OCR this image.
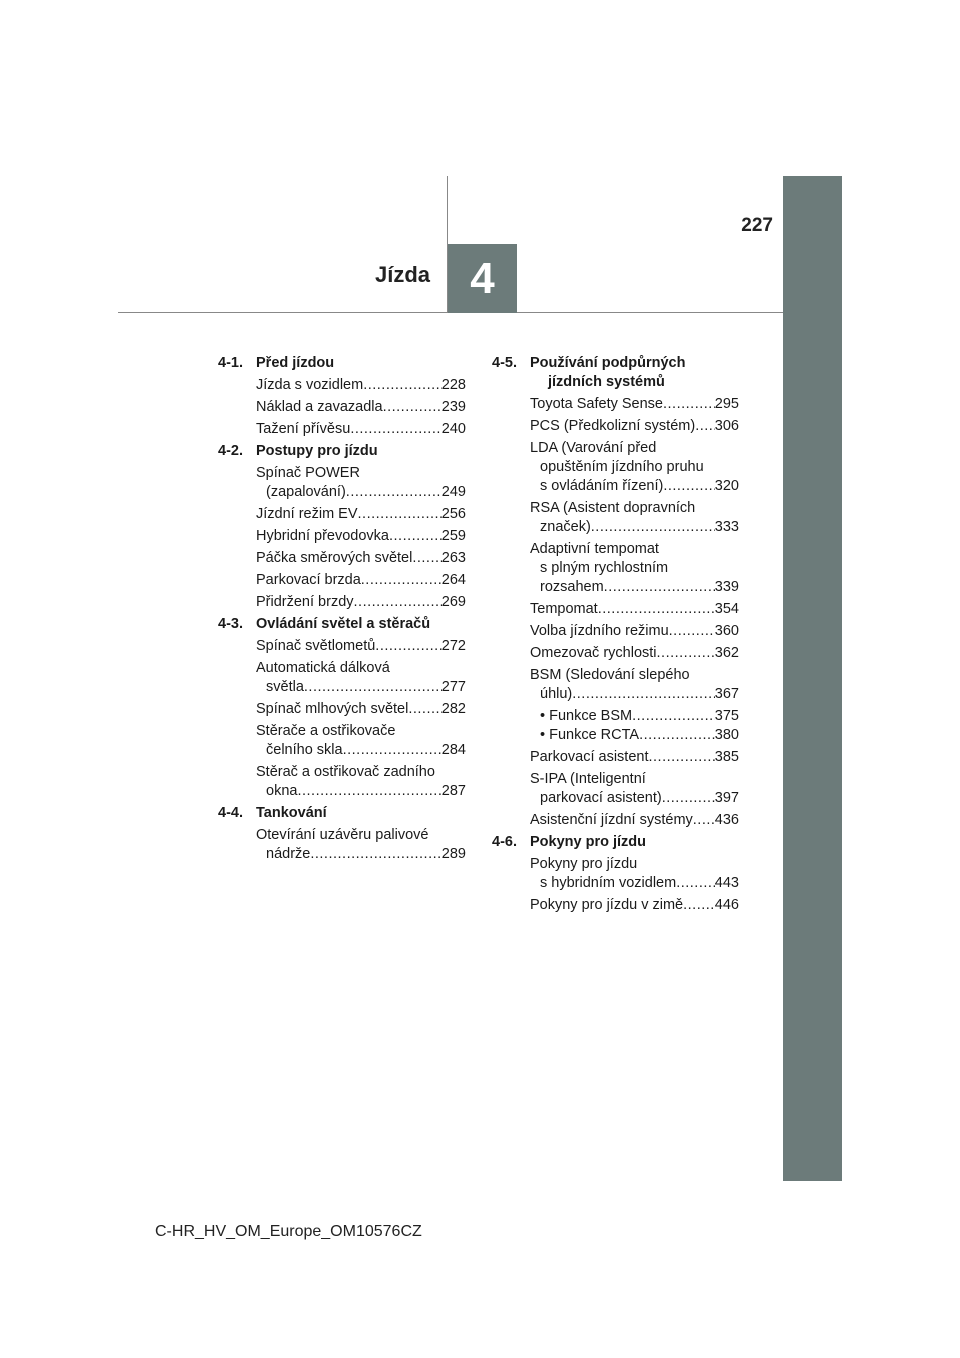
227
Jízda 4
4-1. Před jízdou
Jízda s vozidlem .....	228
Náklad a zavazadla .....	239
Tažení přívěsu .....	240
4-2. Postupy pro jízdu
Spínač POWER
(zapalování) .....	249
Jízdní režim EV .....	256
Hybridní převodovka .....	259
Páčka směrových světel ..... 263
Parkovací brzda .....	264
Přidržení brzdy .....	269
4-3. Ovládání světel a stěračů
Spínač světlometů .....	272
Automatická dálková
světla .....	277
Spínač mlhových světel ..... 282
Stěrače a ostřikovače
čelního skla .....	284
Stěrač a ostřikovač zadního
okna .....	287
4-4. Tankování
Otevírání uzávěru palivové
nádrže .....	289
4-5. Používání podpůrných
jízdních systémů
Toyota Safety Sense .....	295
PCS (Předkolizní systém) ..... 306
LDA (Varování před
opuštěním jízdního pruhu
s ovládáním řízení) .....	320
RSA (Asistent dopravních
značek) .....	333
Adaptivní tempomat
s plným rychlostním
rozsahem .....	339
Tempomat .....	354
Volba jízdního režimu .....	360
Omezovač rychlosti .....	362
BSM (Sledování slepého
úhlu) .....	367
• Funkce BSM .....	375
• Funkce RCTA .....	380
Parkovací asistent .....	385
S-IPA (Inteligentní
parkovací asistent) .....	397
Asistenční jízdní systémy ..... 436
4-6. Pokyny pro jízdu
Pokyny pro jízdu
s hybridním vozidlem .....	443
Pokyny pro jízdu v zimě ..... 446
C-HR_HV_OM_Europe_OM10576CZ
